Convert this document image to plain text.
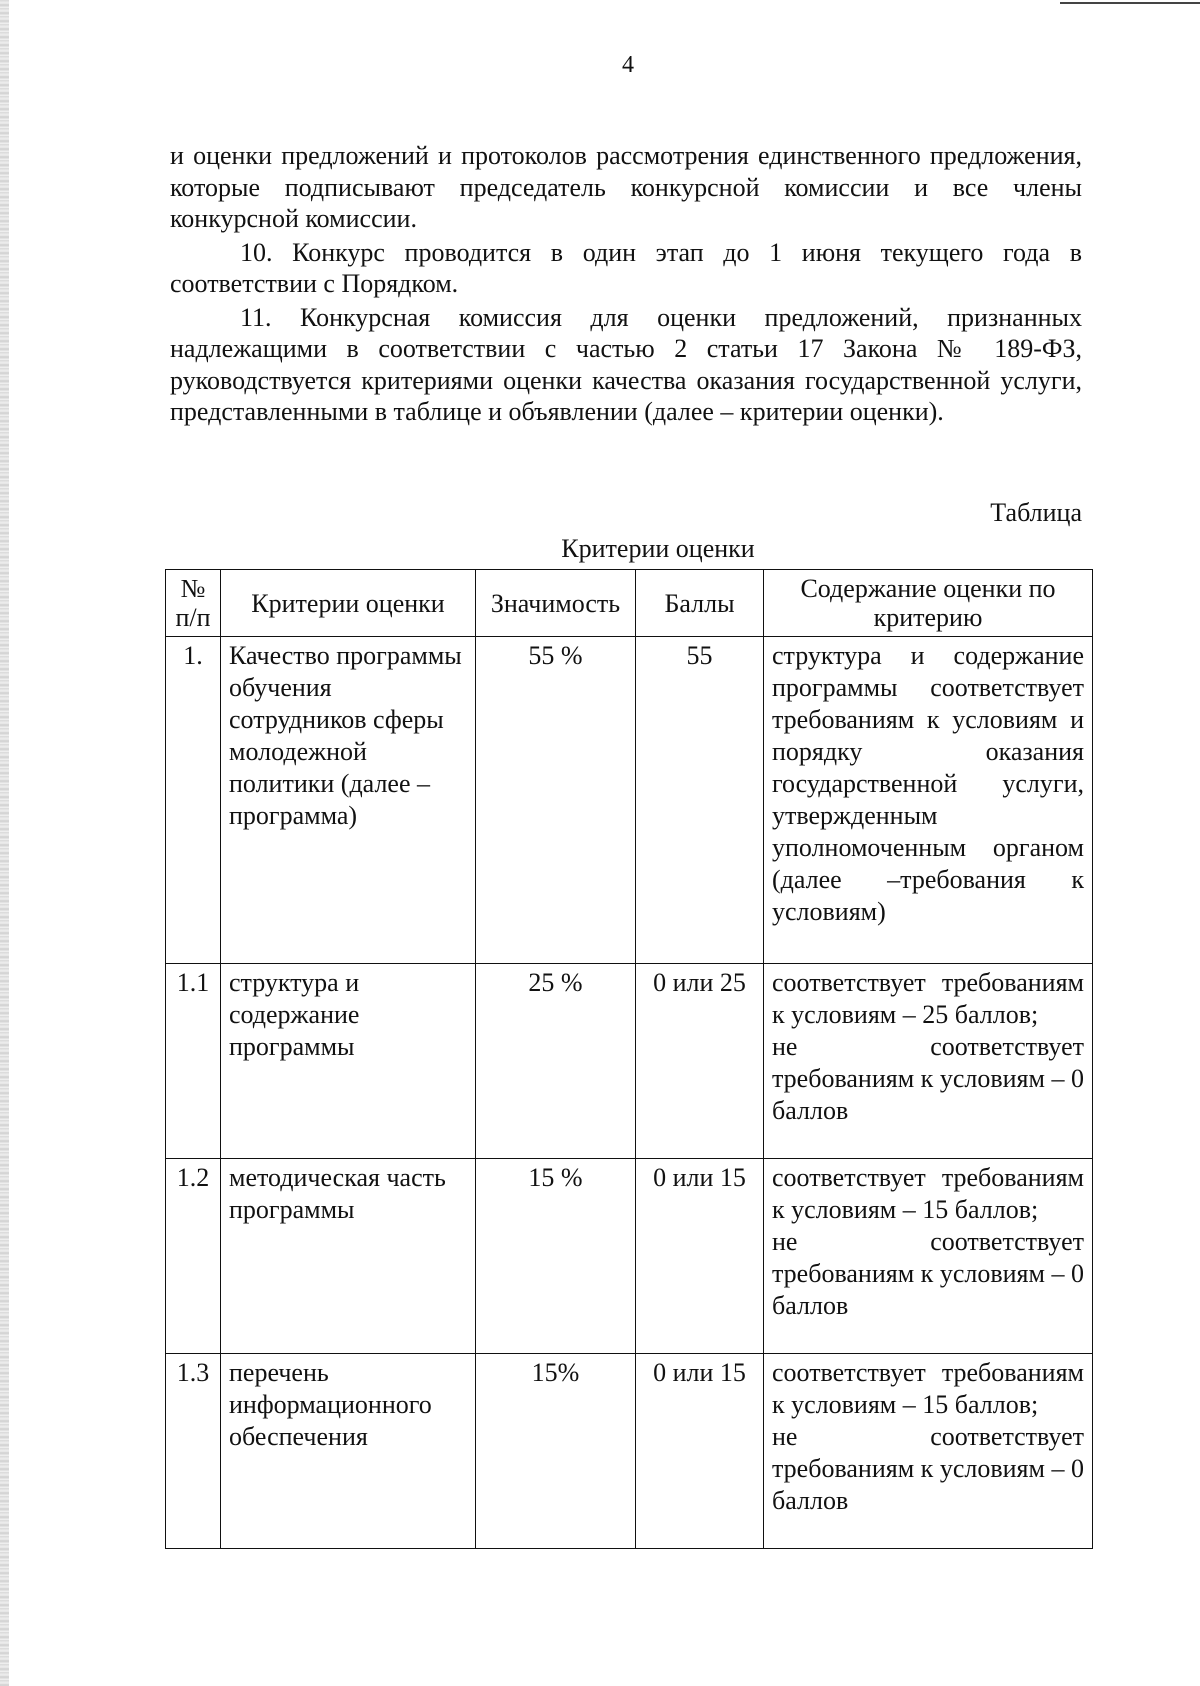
4

и оценки предложений и протоколов рассмотрения единственного предложения, которые подписывают председатель конкурсной комиссии и все члены конкурсной комиссии.

10. Конкурс проводится в один этап до 1 июня текущего года в соответствии с Порядком.

11. Конкурсная комиссия для оценки предложений, признанных надлежащими в соответствии с частью 2 статьи 17 Закона № 189-ФЗ, руководствуется критериями оценки качества оказания государственной услуги, представленными в таблице и объявлении (далее – критерии оценки).

Таблица
Критерии оценки
№ п/п	Критерии оценки	Значимость	Баллы	Содержание оценки по критерию
1.	Качество программы обучения сотрудников сферы молодежной политики (далее – программа)	55 %	55	структура и содержание программы соответствует требованиям к условиям и порядку оказания государственной услуги, утвержденным уполномоченным органом (далее –требования к условиям)

1.1	структура и содержание программы	25 %	0 или 25	соответствует требованиям к условиям – 25 баллов;
не соответствует требованиям к условиям – 0 баллов

1.2	методическая часть программы	15 %	0 или 15	соответствует требованиям к условиям – 15 баллов;
не соответствует требованиям к условиям – 0 баллов

1.3	перечень информационного обеспечения	15%	0 или 15	соответствует требованиям к условиям – 15 баллов;
не соответствует требованиям к условиям – 0 баллов
